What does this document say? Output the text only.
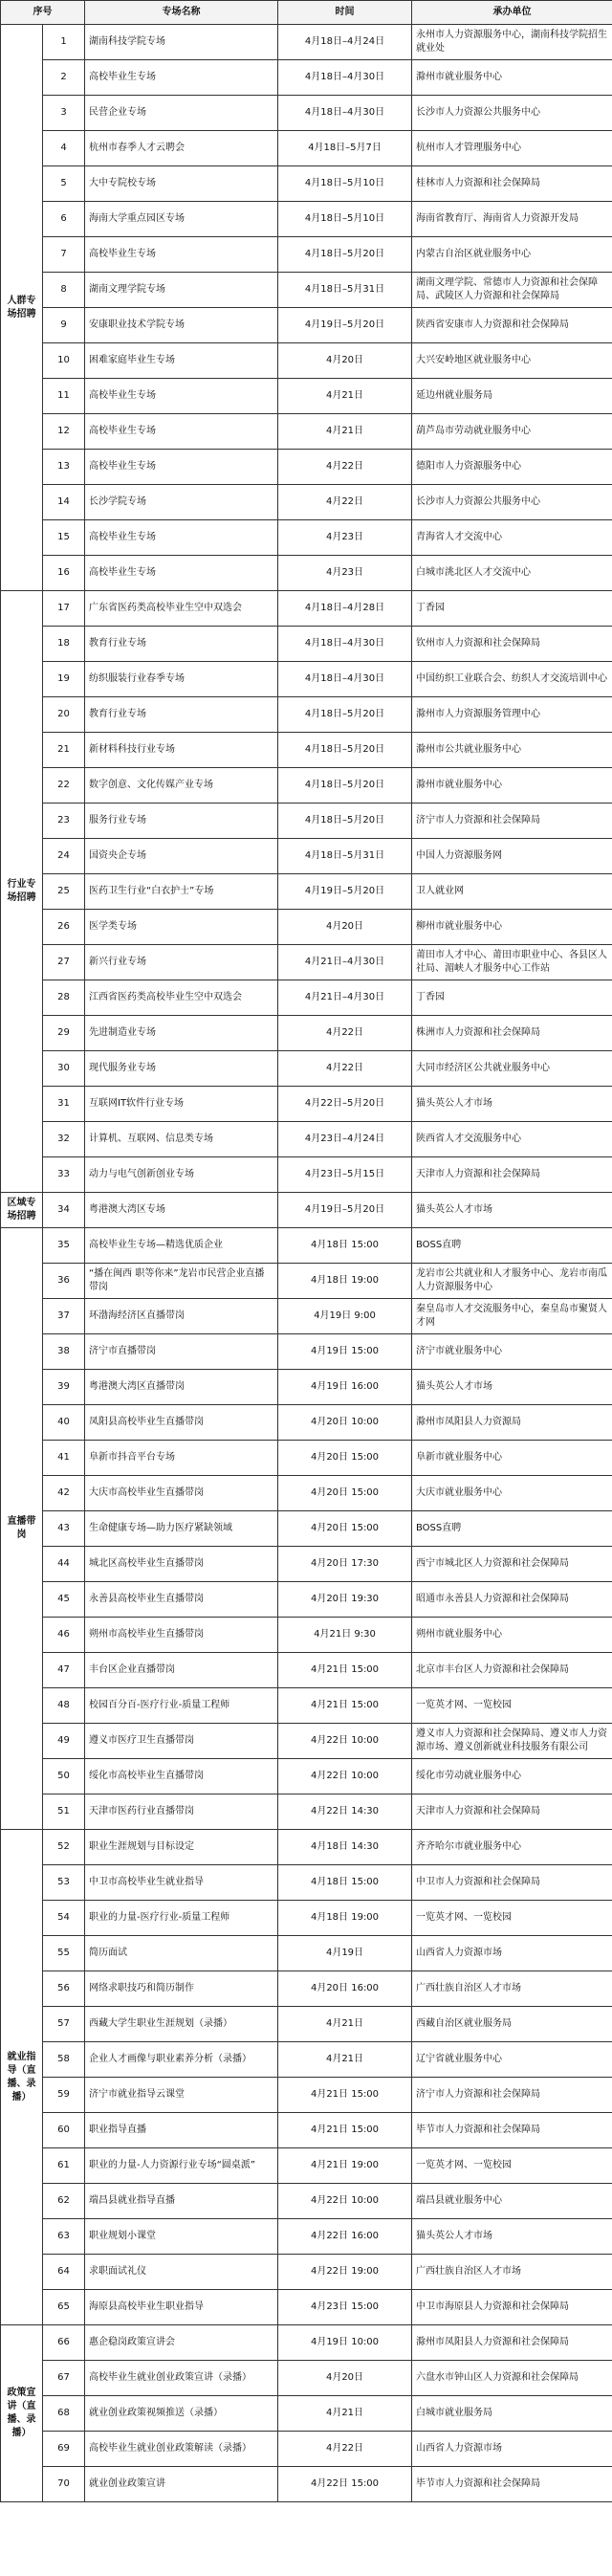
序号		专场名称	时间	承办单位
人群专场招聘	1	湖南科技学院专场	4月18日–4月24日	永州市人力资源服务中心，湖南科技学院招生就业处
	2	高校毕业生专场	4月18日–4月30日	滁州市就业服务中心
	3	民营企业专场	4月18日–4月30日	长沙市人力资源公共服务中心
	4	杭州市春季人才云聘会	4月18日–5月7日	杭州市人才管理服务中心
	5	大中专院校专场	4月18日–5月10日	桂林市人力资源和社会保障局
	6	海南大学重点园区专场	4月18日–5月10日	海南省教育厅、海南省人力资源开发局
	7	高校毕业生专场	4月18日–5月20日	内蒙古自治区就业服务中心
	8	湖南文理学院专场	4月18日–5月31日	湖南文理学院、常德市人力资源和社会保障局、武陵区人力资源和社会保障局
	9	安康职业技术学院专场	4月19日–5月20日	陕西省安康市人力资源和社会保障局
	10	困难家庭毕业生专场	4月20日	大兴安岭地区就业服务中心
	11	高校毕业生专场	4月21日	延边州就业服务局
	12	高校毕业生专场	4月21日	葫芦岛市劳动就业服务中心
	13	高校毕业生专场	4月22日	德阳市人力资源服务中心
	14	长沙学院专场	4月22日	长沙市人力资源公共服务中心
	15	高校毕业生专场	4月23日	青海省人才交流中心
	16	高校毕业生专场	4月23日	白城市洮北区人才交流中心
行业专场招聘	17	广东省医药类高校毕业生空中双选会	4月18日–4月28日	丁香园
	18	教育行业专场	4月18日–4月30日	钦州市人力资源和社会保障局
	19	纺织服装行业春季专场	4月18日–4月30日	中国纺织工业联合会、纺织人才交流培训中心
	20	教育行业专场	4月18日–5月20日	滁州市人力资源服务管理中心
	21	新材料科技行业专场	4月18日–5月20日	滁州市公共就业服务中心
	22	数字创意、文化传媒产业专场	4月18日–5月20日	滁州市就业服务中心
	23	服务行业专场	4月18日–5月20日	济宁市人力资源和社会保障局
	24	国资央企专场	4月18日–5月31日	中国人力资源服务网
	25	医药卫生行业“白衣护士”专场	4月19日–5月20日	卫人就业网
	26	医学类专场	4月20日	柳州市就业服务中心
	27	新兴行业专场	4月21日–4月30日	莆田市人才中心、莆田市职业中心、各县区人社局、湄峡人才服务中心工作站
	28	江西省医药类高校毕业生空中双选会	4月21日–4月30日	丁香园
	29	先进制造业专场	4月22日	株洲市人力资源和社会保障局
	30	现代服务业专场	4月22日	大同市经济区公共就业服务中心
	31	互联网IT软件行业专场	4月22日–5月20日	猫头英公人才市场
	32	计算机、互联网、信息类专场	4月23日–4月24日	陕西省人才交流服务中心
	33	动力与电气创新创业专场	4月23日–5月15日	天津市人力资源和社会保障局
区域专场招聘	34	粤港澳大湾区专场	4月19日–5月20日	猫头英公人才市场
直播带岗	35	高校毕业生专场—精选优质企业	4月18日 15:00	BOSS直聘
	36	“播在闽西 职等你来”龙岩市民营企业直播带岗	4月18日 19:00	龙岩市公共就业和人才服务中心、龙岩市南瓜人力资源服务中心
	37	环渤海经济区直播带岗	4月19日 9:00	秦皇岛市人才交流服务中心，秦皇岛市聚贤人才网
	38	济宁市直播带岗	4月19日 15:00	济宁市就业服务中心
	39	粤港澳大湾区直播带岗	4月19日 16:00	猫头英公人才市场
	40	凤阳县高校毕业生直播带岗	4月20日 10:00	滁州市凤阳县人力资源局
	41	阜新市抖音平台专场	4月20日 15:00	阜新市就业服务中心
	42	大庆市高校毕业生直播带岗	4月20日 15:00	大庆市就业服务中心
	43	生命健康专场—助力医疗紧缺领域	4月20日 15:00	BOSS直聘
	44	城北区高校毕业生直播带岗	4月20日 17:30	西宁市城北区人力资源和社会保障局
	45	永善县高校毕业生直播带岗	4月20日 19:30	昭通市永善县人力资源和社会保障局
	46	朔州市高校毕业生直播带岗	4月21日 9:30	朔州市就业服务中心
	47	丰台区企业直播带岗	4月21日 15:00	北京市丰台区人力资源和社会保障局
	48	校园百分百-医疗行业-质量工程师	4月21日 15:00	一览英才网、一览校园
	49	遵义市医疗卫生直播带岗	4月22日 10:00	遵义市人力资源和社会保障局、遵义市人力资源市场、遵义创新就业科技服务有限公司
	50	绥化市高校毕业生直播带岗	4月22日 10:00	绥化市劳动就业服务中心
	51	天津市医药行业直播带岗	4月22日 14:30	天津市人力资源和社会保障局
就业指导（直播、录播）	52	职业生涯规划与目标设定	4月18日 14:30	齐齐哈尔市就业服务中心
	53	中卫市高校毕业生就业指导	4月18日 15:00	中卫市人力资源和社会保障局
	54	职业的力量-医疗行业-质量工程师	4月18日 19:00	一览英才网、一览校园
	55	简历面试	4月19日	山西省人力资源市场
	56	网络求职技巧和简历制作	4月20日 16:00	广西壮族自治区人才市场
	57	西藏大学生职业生涯规划（录播）	4月21日	西藏自治区就业服务局
	58	企业人才画像与职业素养分析（录播）	4月21日	辽宁省就业服务中心
	59	济宁市就业指导云课堂	4月21日 15:00	济宁市人力资源和社会保障局
	60	职业指导直播	4月21日 15:00	毕节市人力资源和社会保障局
	61	职业的力量-人力资源行业专场“圆桌派”	4月21日 19:00	一览英才网、一览校园
	62	端昌县就业指导直播	4月22日 10:00	端昌县就业服务中心
	63	职业规划小课堂	4月22日 16:00	猫头英公人才市场
	64	求职面试礼仪	4月22日 19:00	广西壮族自治区人才市场
	65	海原县高校毕业生职业指导	4月23日 15:00	中卫市海原县人力资源和社会保障局
政策宣讲（直播、录播）	66	惠企稳岗政策宣讲会	4月19日 10:00	滁州市凤阳县人力资源和社会保障局
	67	高校毕业生就业创业政策宣讲（录播）	4月20日	六盘水市钟山区人力资源和社会保障局
	68	就业创业政策视频推送（录播）	4月21日	白城市就业服务局
	69	高校毕业生就业创业政策解读（录播）	4月22日	山西省人力资源市场
	70	就业创业政策宣讲	4月22日 15:00	毕节市人力资源和社会保障局
